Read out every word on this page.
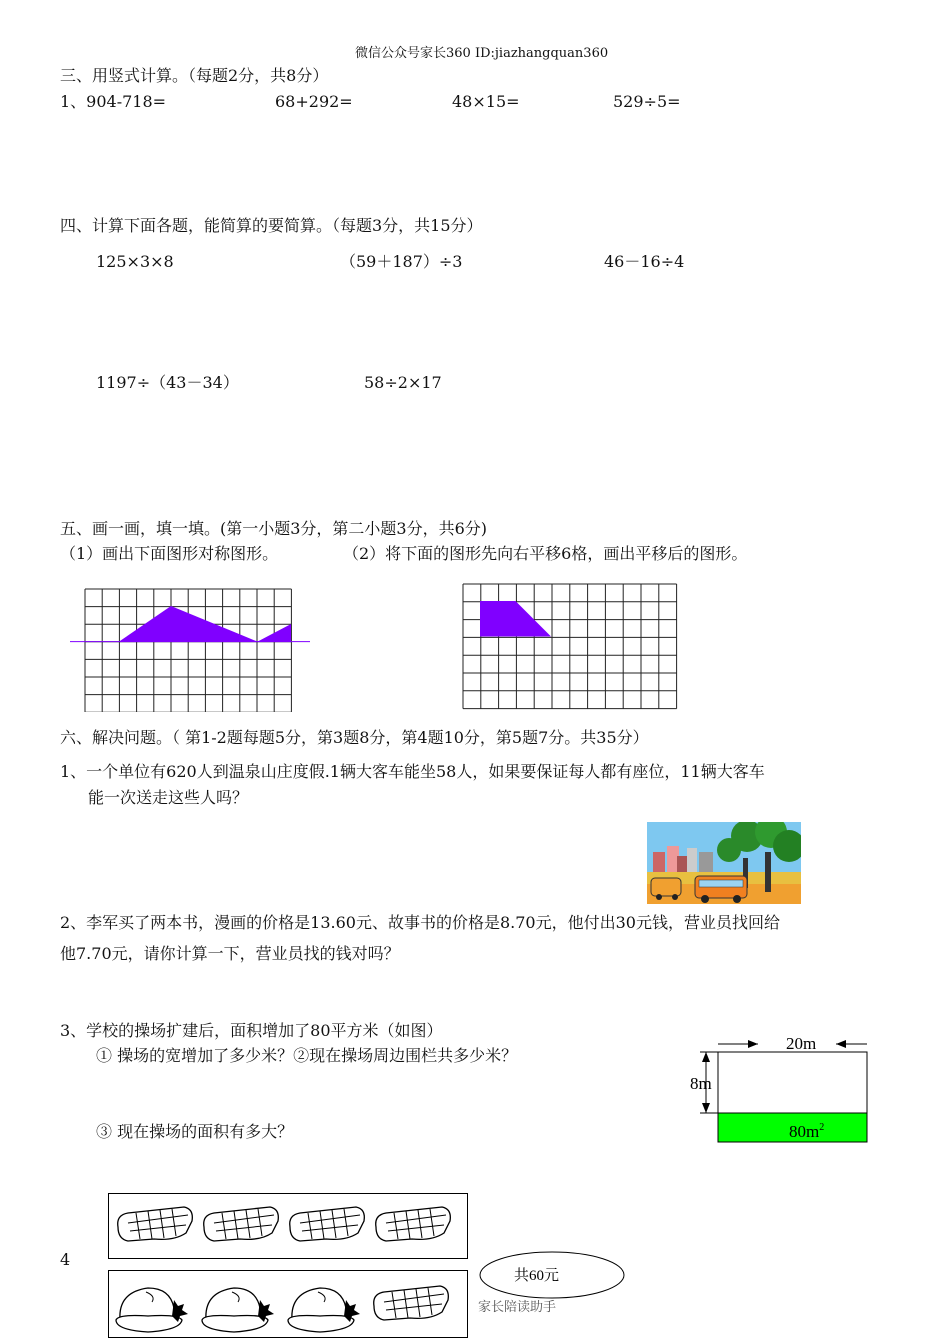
微信公众号家长360 ID:jiazhangquan360
三、用竖式计算。（每题2分，共8分）
1、904-718=	68+292=	48×15=	529÷5=
四、计算下面各题，能简算的要简算。（每题3分，共15分）
125×3×8	（59＋187）÷3	46－16÷4
1197÷（43－34）	58÷2×17
五、画一画，填一填。(第一小题3分，第二小题3分，共6分)
（1）画出下面图形对称图形。	（2）将下面的图形先向右平移6格，画出平移后的图形。
六、解决问题。（ 第1-2题每题5分，第3题8分，第4题10分，第5题7分。共35分）
1、一个单位有620人到温泉山庄度假.1辆大客车能坐58人，如果要保证每人都有座位，11辆大客车
能一次送走这些人吗？
2、李军买了两本书，漫画的价格是13.60元、故事书的价格是8.70元，他付出30元钱，营业员找回给
他7.70元，请你计算一下，营业员找的钱对吗？
3、学校的操场扩建后，面积增加了80平方米（如图）
① 操场的宽增加了多少米？②现在操场周边围栏共多少米？
③ 现在操场的面积有多大？
20m
8m
$80m^2$
4
共60元
家长陪读助手
